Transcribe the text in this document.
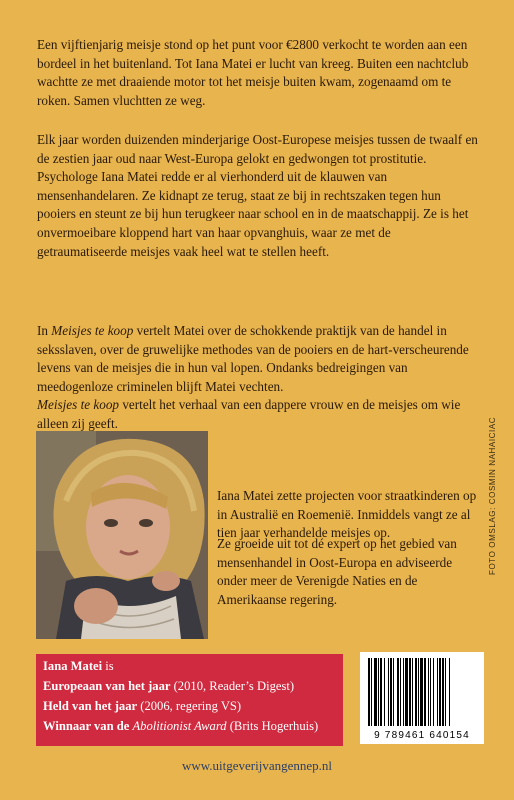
Een vijftienjarig meisje stond op het punt voor €2800 verkocht te worden aan een bordeel in het buitenland. Tot Iana Matei er lucht van kreeg. Buiten een nachtclub wachtte ze met draaiende motor tot het meisje buiten kwam, zogenaamd om te roken. Samen vluchtten ze weg.

Elk jaar worden duizenden minderjarige Oost-Europese meisjes tussen de twaalf en de zestien jaar oud naar West-Europa gelokt en gedwongen tot prostitutie. Psychologe Iana Matei redde er al vierhonderd uit de klauwen van mensenhandelaren. Ze kidnapt ze terug, staat ze bij in rechtszaken tegen hun pooiers en steunt ze bij hun terugkeer naar school en in de maatschappij. Ze is het onvermoeibare kloppend hart van haar opvanghuis, waar ze met de getraumatiseerde meisjes vaak heel wat te stellen heeft.

In Meisjes te koop vertelt Matei over de schokkende praktijk van de handel in seksslaven, over de gruwelijke methodes van de pooiers en de hart-verscheurende levens van de meisjes die in hun val lopen. Ondanks bedreigingen van meedogenloze criminelen blijft Matei vechten.
Meisjes te koop vertelt het verhaal van een dappere vrouw en de meisjes om wie alleen zij geeft.

Iana Matei zette projecten voor straatkinderen op in Australië en Roemenië. Inmiddels vangt ze al tien jaar verhandelde meisjes op.

Ze groeide uit tot dé expert op het gebied van mensenhandel in Oost-Europa en adviseerde onder meer de Verenigde Naties en de Amerikaanse regering.

FOTO OMSLAG: COSMIN NAHAICIAC
Iana Matei is
Europeaan van het jaar (2010, Reader’s Digest)
Held van het jaar (2006, regering VS)
Winnaar van de Abolitionist Award (Brits Hogerhuis)
9 789461 640154
www.uitgeverijvangennep.nl
